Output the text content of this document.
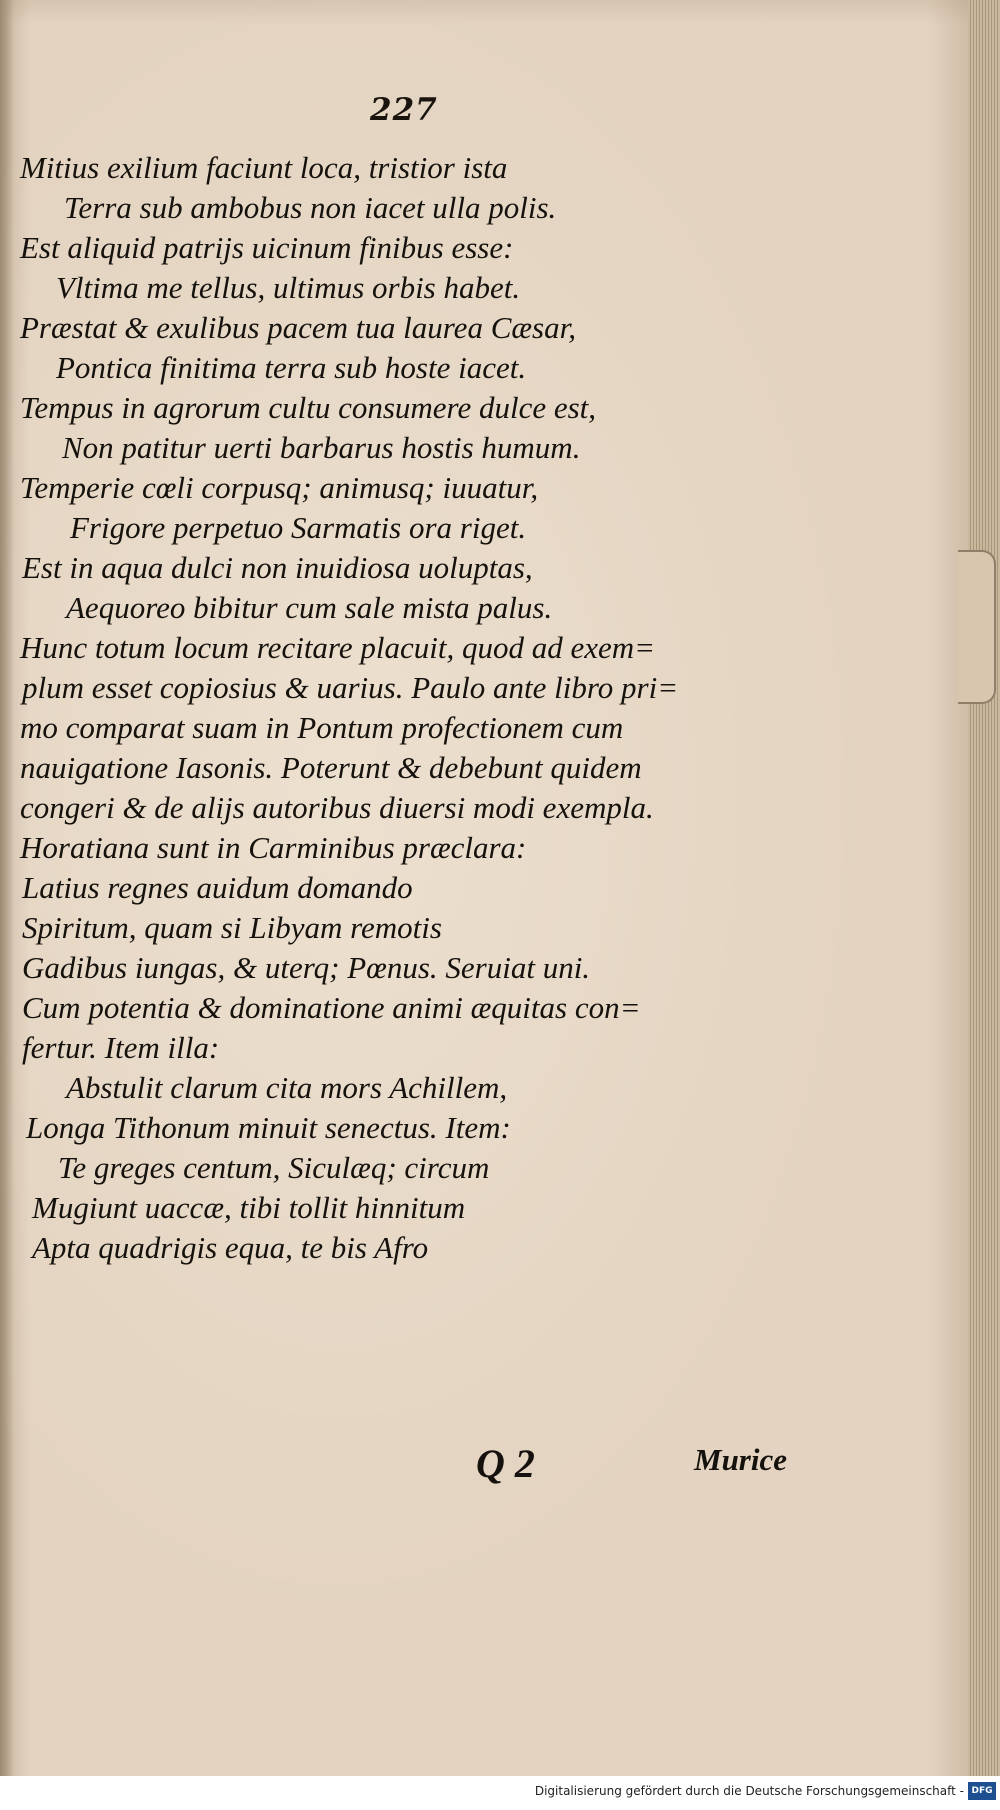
227
Mitius exilium faciunt loca, tristior ista
Terra sub ambobus non iacet ulla polis.
Est aliquid patrijs uicinum finibus esse:
Vltima me tellus, ultimus orbis habet.
Præstat & exulibus pacem tua laurea Cæsar,
Pontica finitima terra sub hoste iacet.
Tempus in agrorum cultu consumere dulce est,
Non patitur uerti barbarus hostis humum.
Temperie cœli corpusq; animusq; iuuatur,
Frigore perpetuo Sarmatis ora riget.
Est in aqua dulci non inuidiosa uoluptas,
Aequoreo bibitur cum sale mista palus.
Hunc totum locum recitare placuit, quod ad exem=
plum esset copiosius & uarius. Paulo ante libro pri=
mo comparat suam in Pontum profectionem cum
nauigatione Iasonis. Poterunt & debebunt quidem
congeri & de alijs autoribus diuersi modi exempla.
Horatiana sunt in Carminibus præclara:
Latius regnes auidum domando
Spiritum, quam si Libyam remotis
Gadibus iungas, & uterq; Pœnus. Seruiat uni.
Cum potentia & dominatione animi æquitas con=
fertur. Item illa:
Abstulit clarum cita mors Achillem,
Longa Tithonum minuit senectus. Item:
Te greges centum, Siculæq; circum
Mugiunt uaccæ, tibi tollit hinnitum
Apta quadrigis equa, te bis Afro
Q 2	Murice
Digitalisierung gefördert durch die Deutsche Forschungsgemeinschaft - DFG
